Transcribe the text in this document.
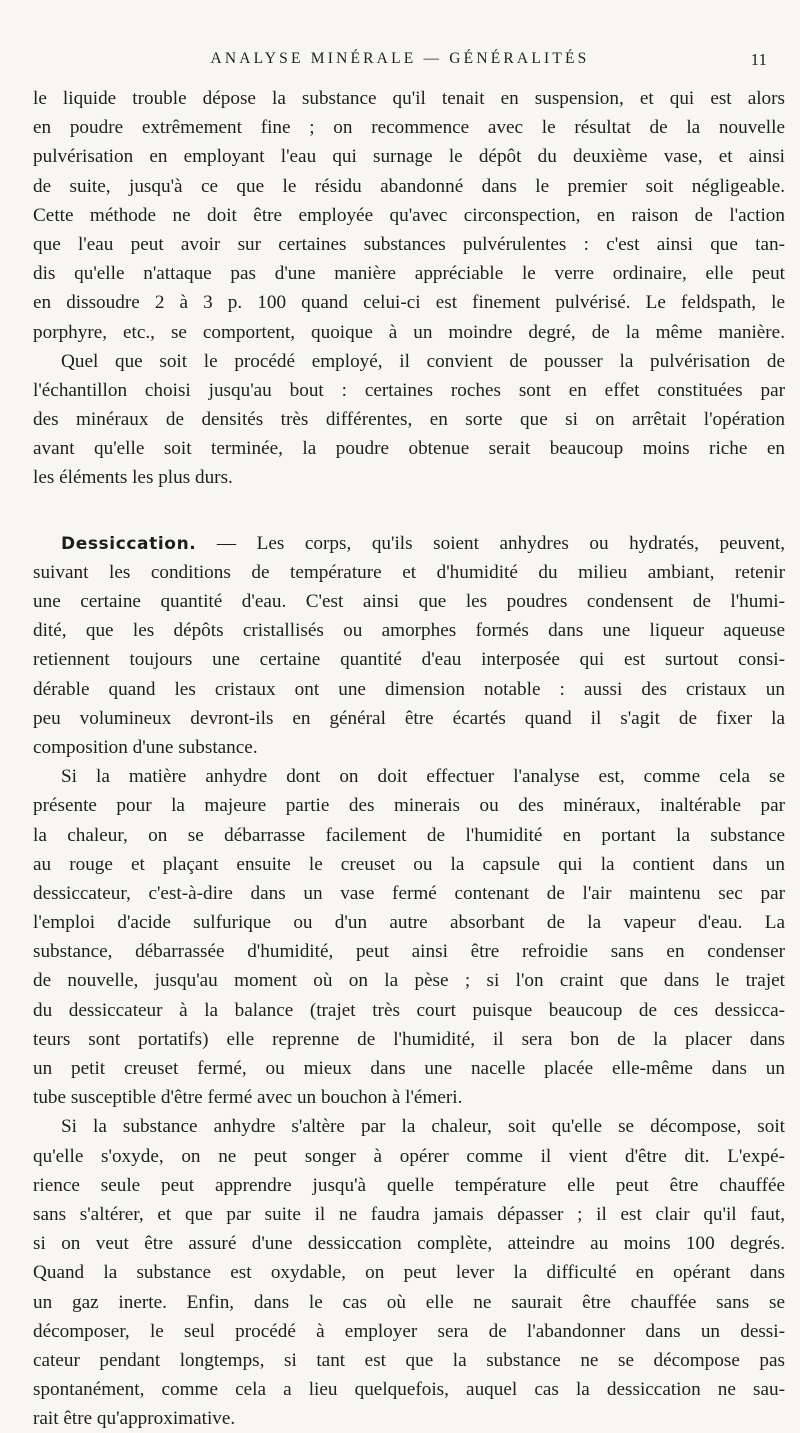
ANALYSE MINÉRALE — GÉNÉRALITÉS	11
le liquide trouble dépose la substance qu'il tenait en suspension, et qui est alors
en poudre extrêmement fine ; on recommence avec le résultat de la nouvelle
pulvérisation en employant l'eau qui surnage le dépôt du deuxième vase, et ainsi
de suite, jusqu'à ce que le résidu abandonné dans le premier soit négligeable.
Cette méthode ne doit être employée qu'avec circonspection, en raison de l'action
que l'eau peut avoir sur certaines substances pulvérulentes : c'est ainsi que tan-
dis qu'elle n'attaque pas d'une manière appréciable le verre ordinaire, elle peut
en dissoudre 2 à 3 p. 100 quand celui-ci est finement pulvérisé. Le feldspath, le
porphyre, etc., se comportent, quoique à un moindre degré, de la même manière.
Quel que soit le procédé employé, il convient de pousser la pulvérisation de
l'échantillon choisi jusqu'au bout : certaines roches sont en effet constituées par
des minéraux de densités très différentes, en sorte que si on arrêtait l'opération
avant qu'elle soit terminée, la poudre obtenue serait beaucoup moins riche en
les éléments les plus durs.
Dessiccation. — Les corps, qu'ils soient anhydres ou hydratés, peuvent,
suivant les conditions de température et d'humidité du milieu ambiant, retenir
une certaine quantité d'eau. C'est ainsi que les poudres condensent de l'humi-
dité, que les dépôts cristallisés ou amorphes formés dans une liqueur aqueuse
retiennent toujours une certaine quantité d'eau interposée qui est surtout consi-
dérable quand les cristaux ont une dimension notable : aussi des cristaux un
peu volumineux devront-ils en général être écartés quand il s'agit de fixer la
composition d'une substance.
Si la matière anhydre dont on doit effectuer l'analyse est, comme cela se
présente pour la majeure partie des minerais ou des minéraux, inaltérable par
la chaleur, on se débarrasse facilement de l'humidité en portant la substance
au rouge et plaçant ensuite le creuset ou la capsule qui la contient dans un
dessiccateur, c'est-à-dire dans un vase fermé contenant de l'air maintenu sec par
l'emploi d'acide sulfurique ou d'un autre absorbant de la vapeur d'eau. La
substance, débarrassée d'humidité, peut ainsi être refroidie sans en condenser
de nouvelle, jusqu'au moment où on la pèse ; si l'on craint que dans le trajet
du dessiccateur à la balance (trajet très court puisque beaucoup de ces dessicca-
teurs sont portatifs) elle reprenne de l'humidité, il sera bon de la placer dans
un petit creuset fermé, ou mieux dans une nacelle placée elle-même dans un
tube susceptible d'être fermé avec un bouchon à l'émeri.
Si la substance anhydre s'altère par la chaleur, soit qu'elle se décompose, soit
qu'elle s'oxyde, on ne peut songer à opérer comme il vient d'être dit. L'expé-
rience seule peut apprendre jusqu'à quelle température elle peut être chauffée
sans s'altérer, et que par suite il ne faudra jamais dépasser ; il est clair qu'il faut,
si on veut être assuré d'une dessiccation complète, atteindre au moins 100 degrés.
Quand la substance est oxydable, on peut lever la difficulté en opérant dans
un gaz inerte. Enfin, dans le cas où elle ne saurait être chauffée sans se
décomposer, le seul procédé à employer sera de l'abandonner dans un dessi-
cateur pendant longtemps, si tant est que la substance ne se décompose pas
spontanément, comme cela a lieu quelquefois, auquel cas la dessiccation ne sau-
rait être qu'approximative.
